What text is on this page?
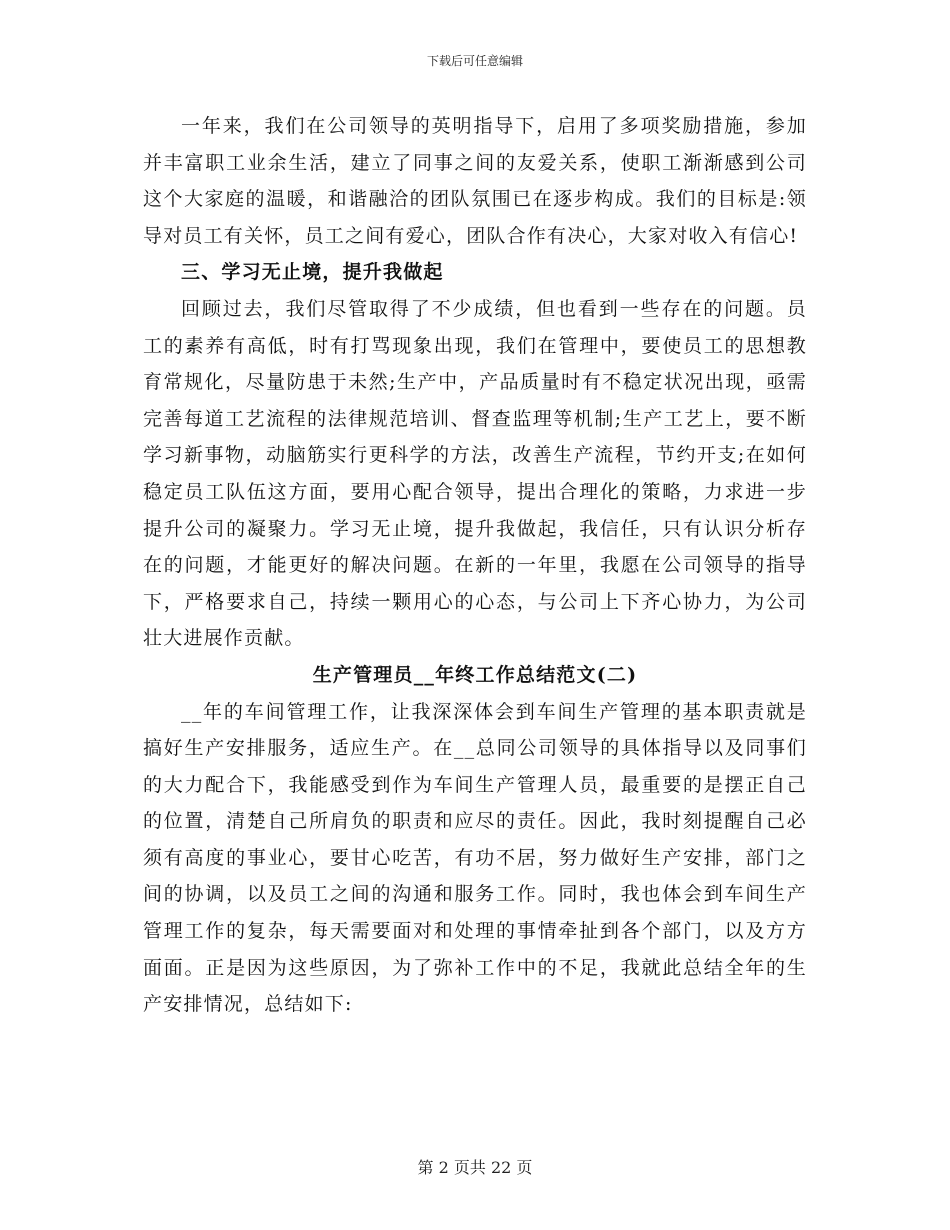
下载后可任意编辑

一年来，我们在公司领导的英明指导下，启用了多项奖励措施，参加并丰富职工业余生活，建立了同事之间的友爱关系，使职工渐渐感到公司这个大家庭的温暖，和谐融洽的团队氛围已在逐步构成。我们的目标是:领导对员工有关怀，员工之间有爱心，团队合作有决心，大家对收入有信心!

三、学习无止境，提升我做起

回顾过去，我们尽管取得了不少成绩，但也看到一些存在的问题。员工的素养有高低，时有打骂现象出现，我们在管理中，要使员工的思想教育常规化，尽量防患于未然;生产中，产品质量时有不稳定状况出现，亟需完善每道工艺流程的法律规范培训、督查监理等机制;生产工艺上，要不断学习新事物，动脑筋实行更科学的方法，改善生产流程，节约开支;在如何稳定员工队伍这方面，要用心配合领导，提出合理化的策略，力求进一步提升公司的凝聚力。学习无止境，提升我做起，我信任，只有认识分析存在的问题，才能更好的解决问题。在新的一年里，我愿在公司领导的指导下，严格要求自己，持续一颗用心的心态，与公司上下齐心协力，为公司壮大进展作贡献。

生产管理员__年终工作总结范文(二)

__年的车间管理工作，让我深深体会到车间生产管理的基本职责就是搞好生产安排服务，适应生产。在__总同公司领导的具体指导以及同事们的大力配合下，我能感受到作为车间生产管理人员，最重要的是摆正自己的位置，清楚自己所肩负的职责和应尽的责任。因此，我时刻提醒自己必须有高度的事业心，要甘心吃苦，有功不居，努力做好生产安排，部门之间的协调，以及员工之间的沟通和服务工作。同时，我也体会到车间生产管理工作的复杂，每天需要面对和处理的事情牵扯到各个部门，以及方方面面。正是因为这些原因，为了弥补工作中的不足，我就此总结全年的生产安排情况，总结如下:

第 2 页共 22 页
